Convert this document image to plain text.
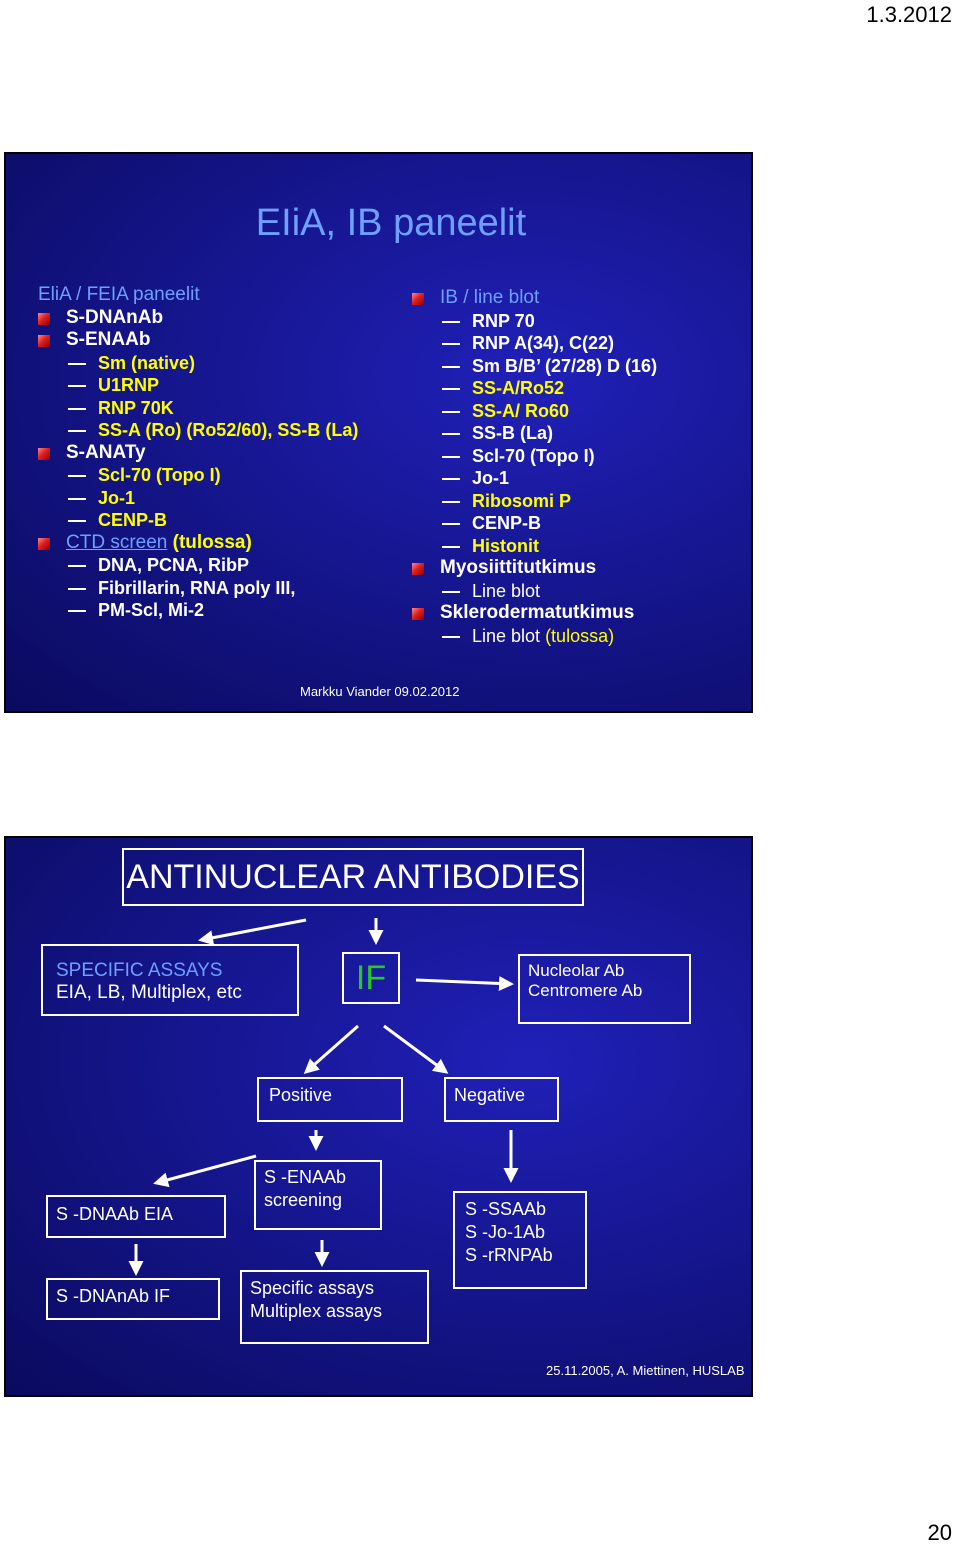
1.3.2012
EIiA, IB paneelit
EliA / FEIA paneelit
S-DNAnAb
S-ENAAb
Sm (native)
U1RNP
RNP 70K
SS-A (Ro) (Ro52/60), SS-B (La)
S-ANATy
Scl-70 (Topo I)
Jo-1
CENP-B
CTD screen (tulossa)
DNA, PCNA, RibP
Fibrillarin, RNA poly III,
PM-Scl, Mi-2
IB / line blot
RNP 70
RNP A(34), C(22)
Sm B/B’ (27/28) D (16)
SS-A/Ro52
SS-A/ Ro60
SS-B (La)
Scl-70 (Topo I)
Jo-1
Ribosomi P
CENP-B
Histonit
Myosiittitutkimus
Line blot
Sklerodermatutkimus
Line blot (tulossa)
Markku Viander 09.02.2012
ANTINUCLEAR ANTIBODIES
SPECIFIC ASSAYS
EIA, LB, Multiplex, etc	IF	Nucleolar Ab
Centromere Ab
Positive	Negative
S -DNAAb EIA
S -ENAAb
screening	S -SSAAb
S -Jo-1Ab
S -rRNPAb
S -DNAnAb IF	Specific assays
Multiplex assays
25.11.2005, A. Miettinen, HUSLAB
20
